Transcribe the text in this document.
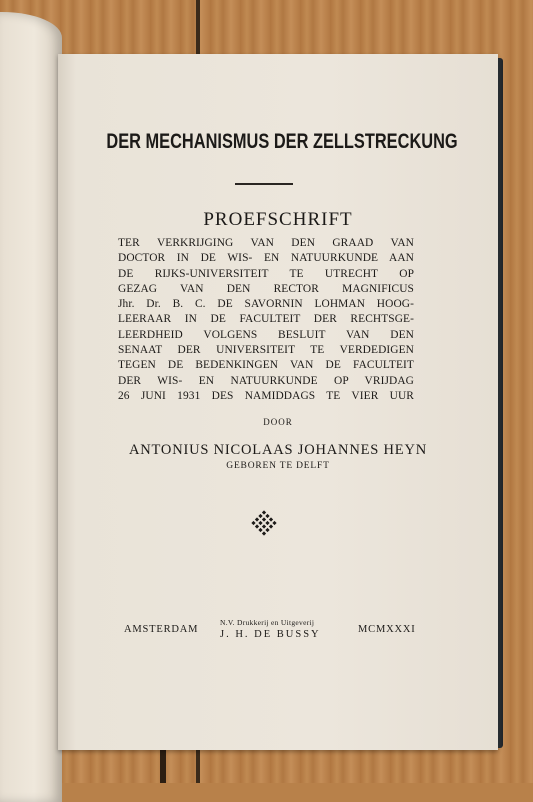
DER MECHANISMUS DER ZELLSTRECKUNG
PROEFSCHRIFT
TER VERKRIJGING VAN DEN GRAAD VAN
DOCTOR IN DE WIS- EN NATUURKUNDE AAN
DE RIJKS-UNIVERSITEIT TE UTRECHT OP
GEZAG VAN DEN RECTOR MAGNIFICUS
Jhr. Dr. B. C. DE SAVORNIN LOHMAN HOOG-
LEERAAR IN DE FACULTEIT DER RECHTSGE-
LEERDHEID VOLGENS BESLUIT VAN DEN
SENAAT DER UNIVERSITEIT TE VERDEDIGEN
TEGEN DE BEDENKINGEN VAN DE FACULTEIT
DER WIS- EN NATUURKUNDE OP VRIJDAG
26 JUNI 1931 DES NAMIDDAGS TE VIER UUR
DOOR
ANTONIUS NICOLAAS JOHANNES HEYN
GEBOREN TE DELFT
AMSTERDAM
N.V. Drukkerij en Uitgeverij
J. H. DE BUSSY	MCMXXXI
